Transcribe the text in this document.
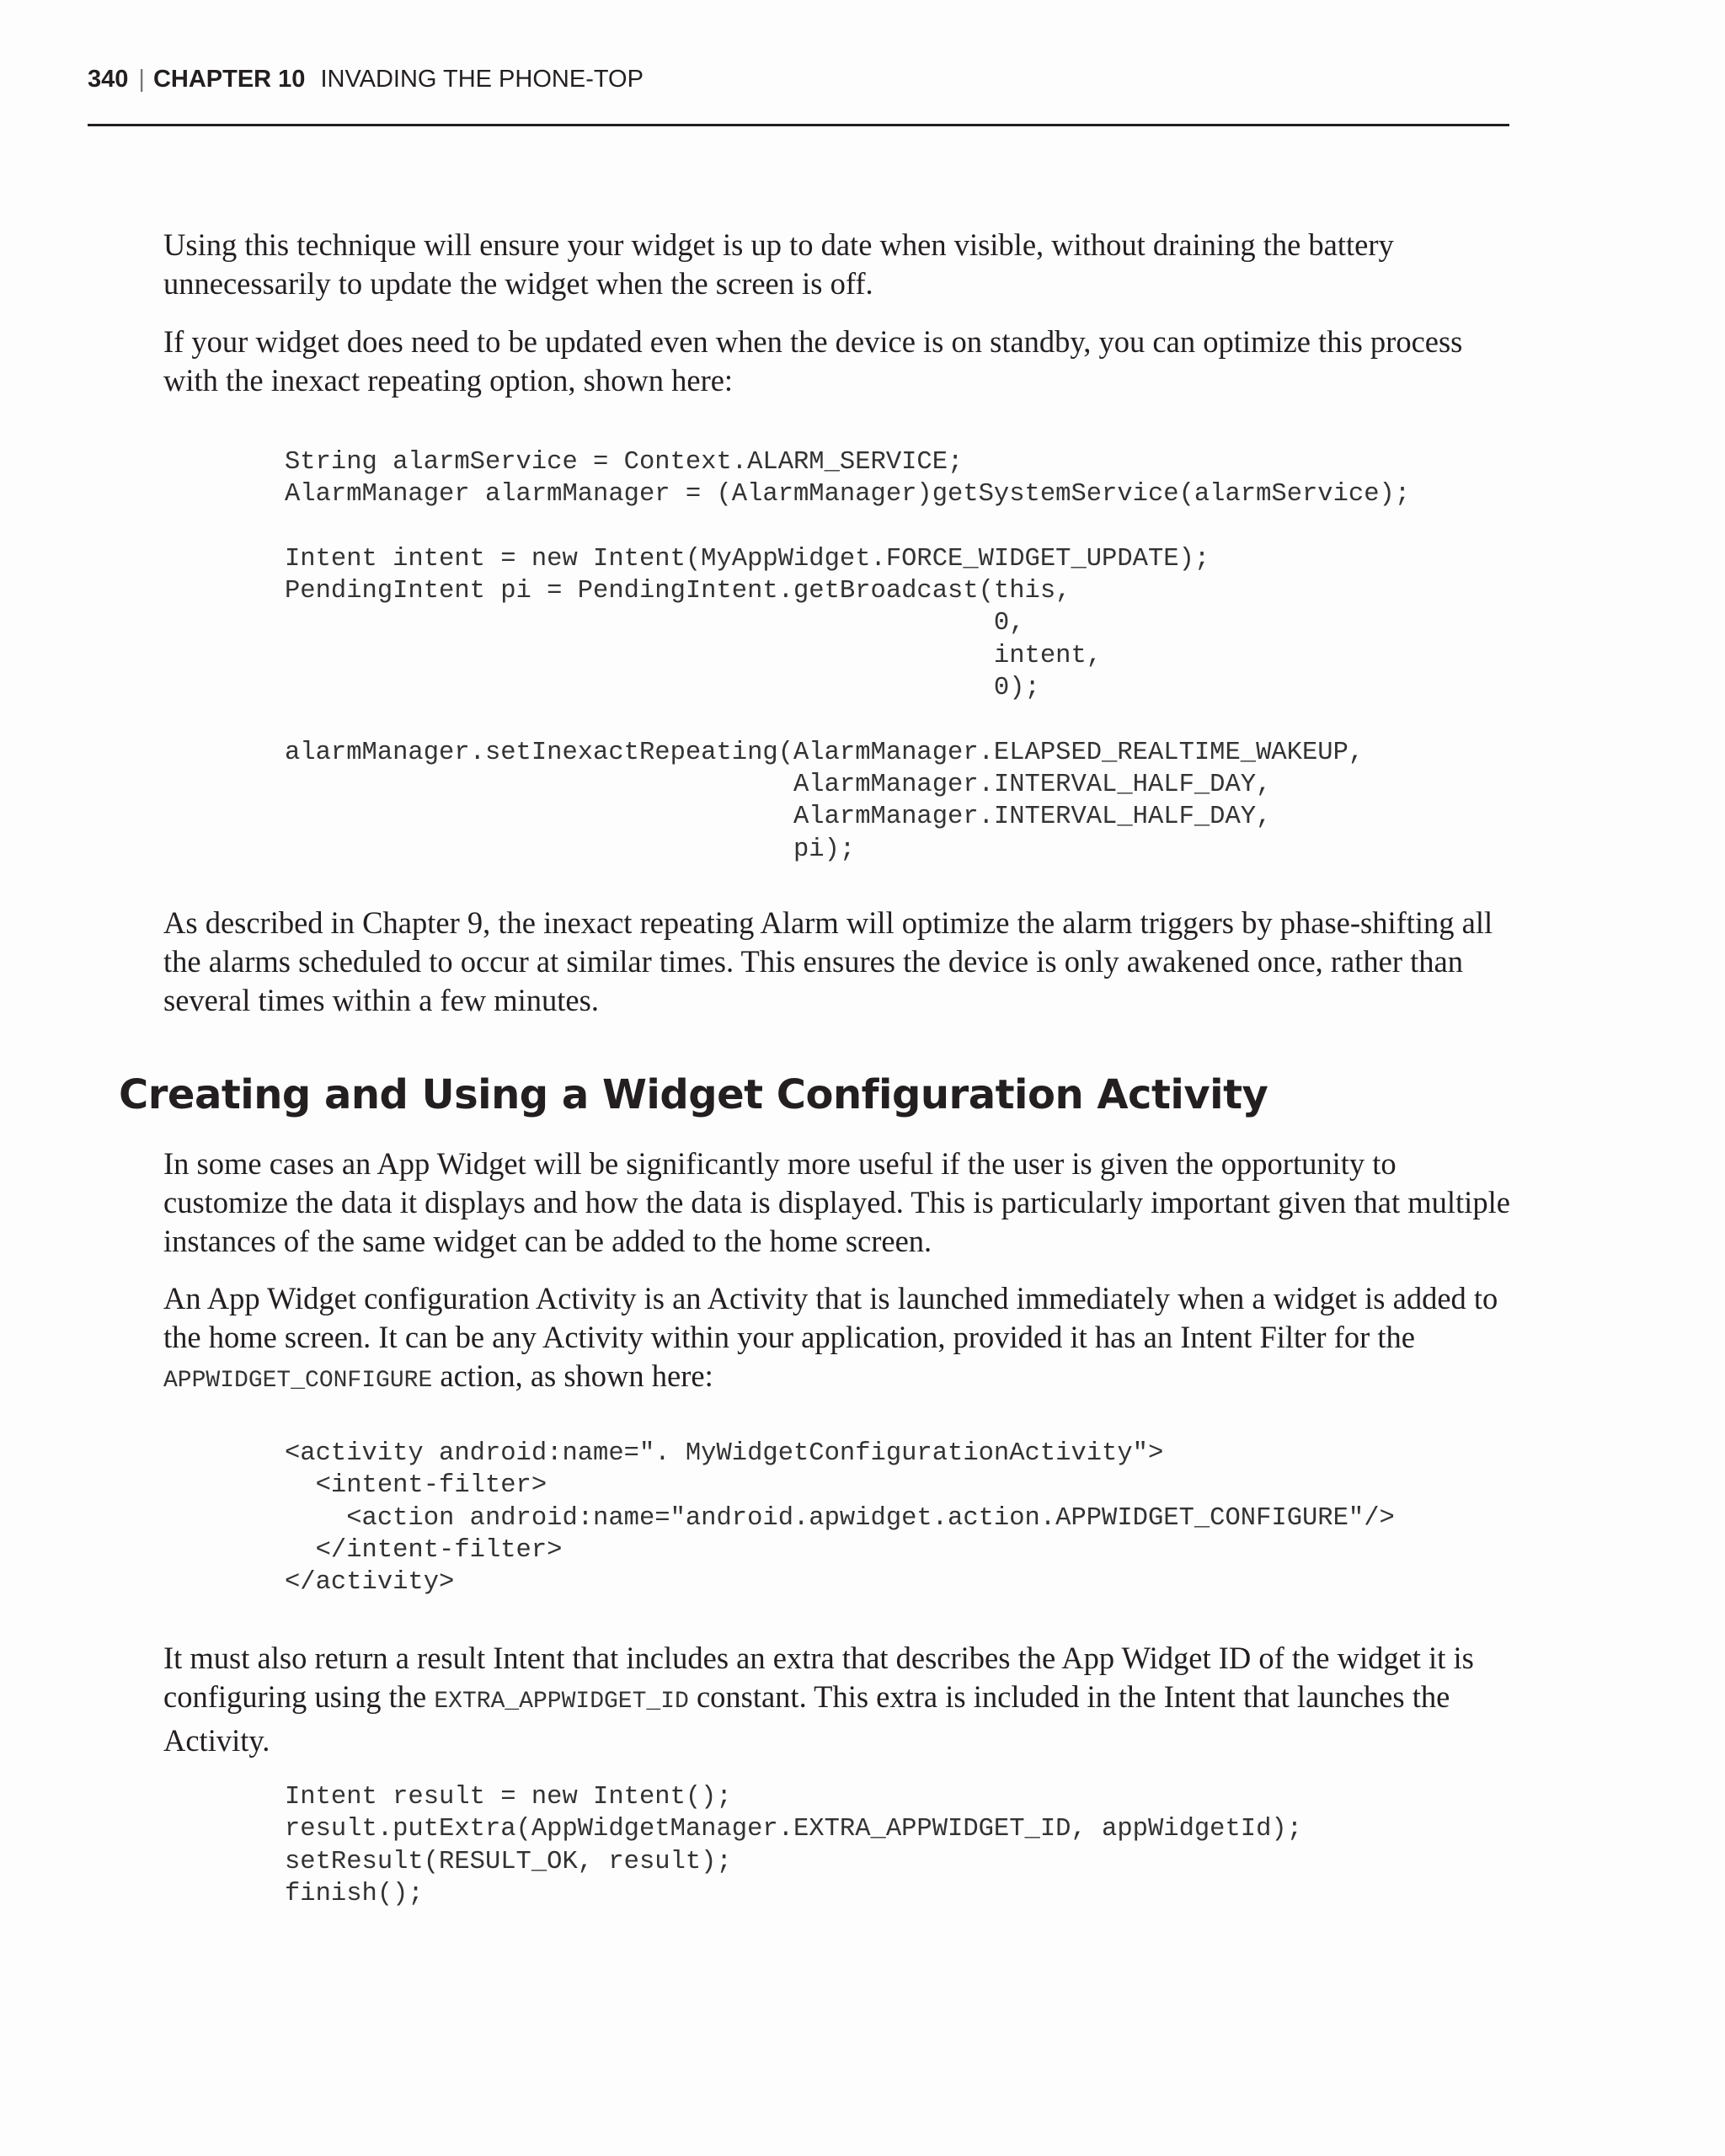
340 | CHAPTER 10 INVADING THE PHONE-TOP

Using this technique will ensure your widget is up to date when visible, without draining the battery unnecessarily to update the widget when the screen is off.

If your widget does need to be updated even when the device is on standby, you can optimize this process with the inexact repeating option, shown here:

String alarmService = Context.ALARM_SERVICE;
AlarmManager alarmManager = (AlarmManager)getSystemService(alarmService);

Intent intent = new Intent(MyAppWidget.FORCE_WIDGET_UPDATE);
PendingIntent pi = PendingIntent.getBroadcast(this,
0,
intent,
0);

alarmManager.setInexactRepeating(AlarmManager.ELAPSED_REALTIME_WAKEUP,
AlarmManager.INTERVAL_HALF_DAY,
AlarmManager.INTERVAL_HALF_DAY,
pi);

As described in Chapter 9, the inexact repeating Alarm will optimize the alarm triggers by phase-shifting all the alarms scheduled to occur at similar times. This ensures the device is only awakened once, rather than several times within a few minutes.

Creating and Using a Widget Configuration Activity

In some cases an App Widget will be significantly more useful if the user is given the opportunity to customize the data it displays and how the data is displayed. This is particularly important given that multiple instances of the same widget can be added to the home screen.

An App Widget configuration Activity is an Activity that is launched immediately when a widget is added to the home screen. It can be any Activity within your application, provided it has an Intent Filter for the APPWIDGET_CONFIGURE action, as shown here:

<activity android:name=". MyWidgetConfigurationActivity">
<intent-filter>
<action android:name="android.apwidget.action.APPWIDGET_CONFIGURE"/>
</intent-filter>
</activity>

It must also return a result Intent that includes an extra that describes the App Widget ID of the widget it is configuring using the EXTRA_APPWIDGET_ID constant. This extra is included in the Intent that launches the Activity.

Intent result = new Intent();
result.putExtra(AppWidgetManager.EXTRA_APPWIDGET_ID, appWidgetId);
setResult(RESULT_OK, result);
finish();
